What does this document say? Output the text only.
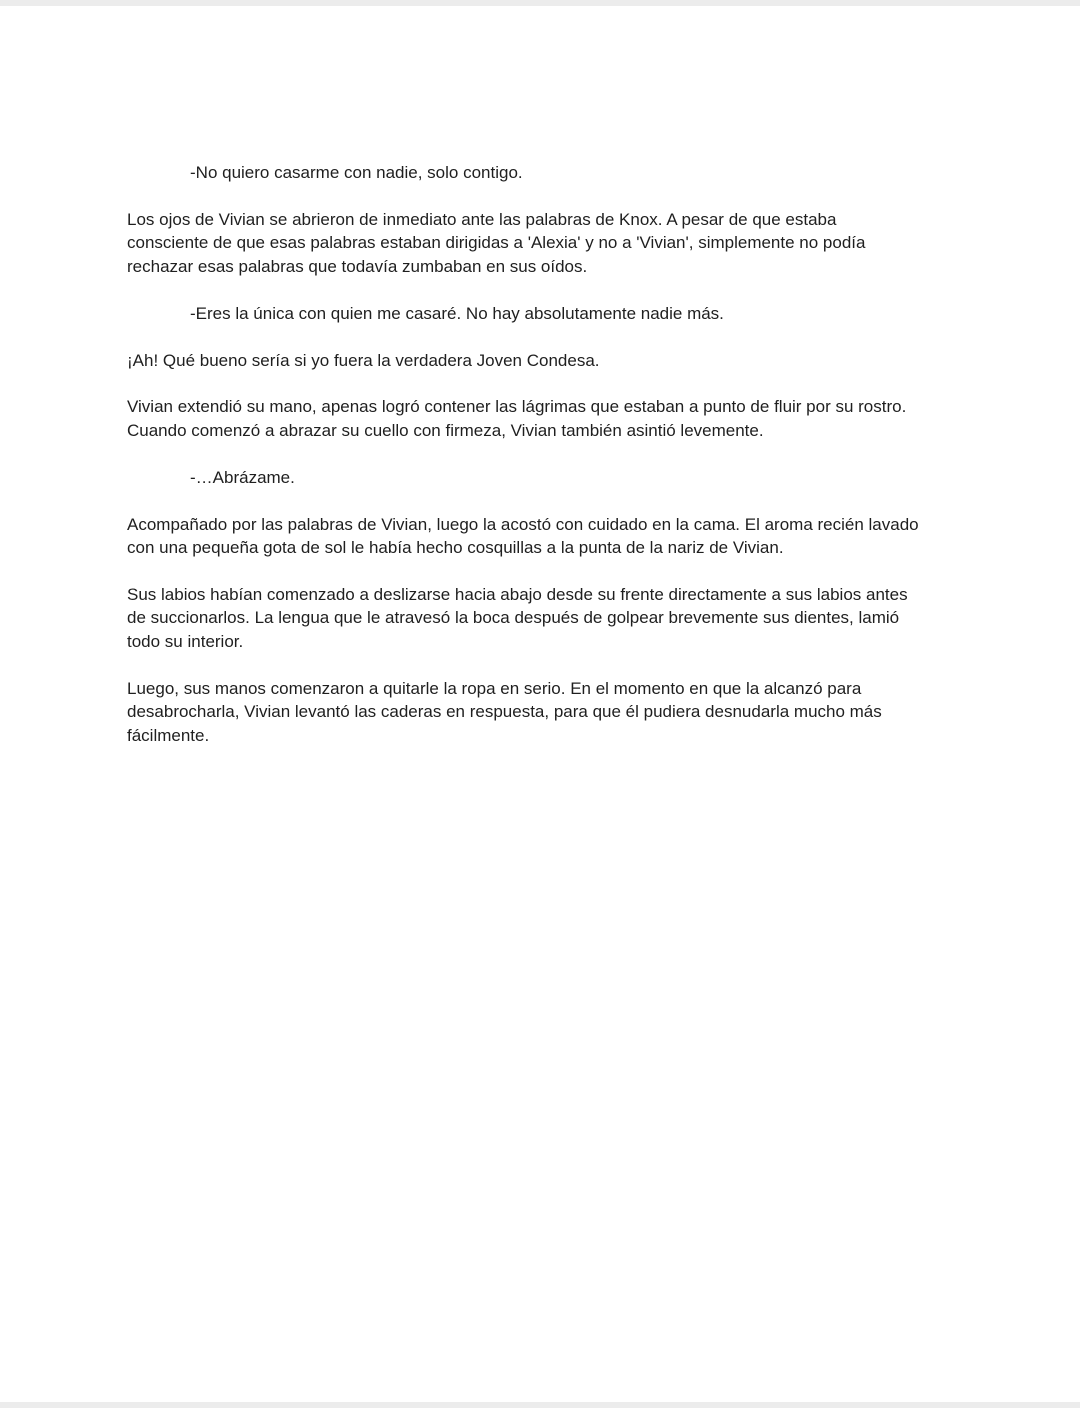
-No quiero casarme con nadie, solo contigo.

Los ojos de Vivian se abrieron de inmediato ante las palabras de Knox. A pesar de que estaba
consciente de que esas palabras estaban dirigidas a 'Alexia' y no a 'Vivian', simplemente no podía
rechazar esas palabras que todavía zumbaban en sus oídos.

-Eres la única con quien me casaré. No hay absolutamente nadie más.

¡Ah! Qué bueno sería si yo fuera la verdadera Joven Condesa.

Vivian extendió su mano, apenas logró contener las lágrimas que estaban a punto de fluir por su rostro.
Cuando comenzó a abrazar su cuello con firmeza, Vivian también asintió levemente.

-…Abrázame.

Acompañado por las palabras de Vivian, luego la acostó con cuidado en la cama. El aroma recién lavado
con una pequeña gota de sol le había hecho cosquillas a la punta de la nariz de Vivian.

Sus labios habían comenzado a deslizarse hacia abajo desde su frente directamente a sus labios antes
de succionarlos. La lengua que le atravesó la boca después de golpear brevemente sus dientes, lamió
todo su interior.

Luego, sus manos comenzaron a quitarle la ropa en serio. En el momento en que la alcanzó para
desabrocharla, Vivian levantó las caderas en respuesta, para que él pudiera desnudarla mucho más
fácilmente.
